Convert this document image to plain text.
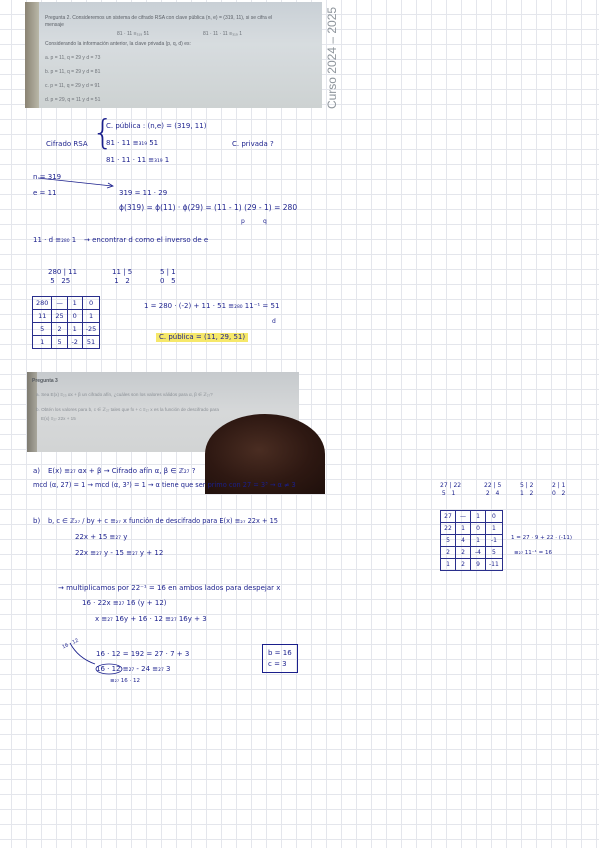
Pregunta 2. Consideremos un sistema de cifrado RSA con clave pública (n, e) = (319, 11), si se cifra el
mensaje
81 · 11 ≡₃₁₉ 51	81 · 11 · 11 ≡₃₁₉ 1
Considerando la información anterior, la clave privada (p, q, d) es:
a. p = 11, q = 29 y d = 73
b. p = 11, q = 29 y d = 81
c. p = 11, q = 29 y d = 91
d. p = 29, q = 11 y d = 51	Curso 2024 – 2025
Cifrado RSA {
C. pública : (n,e) = (319, 11)
81 · 11 ≡₃₁₉ 51
81 · 11 · 11 ≡₃₁₉ 1
C. privada ?
n = 319
e = 11	319 = 11 · 29
ϕ(319) = ϕ(11) · ϕ(29) = (11 - 1) (29 - 1) = 280
p	q
11 · d ≡₂₈₀ 1 → encontrar d como el inverso de e
280 | 11
5   25
11 | 5
1   2
5 | 1
0   5
280	—	1	0
11	25	0	1
5	2	1	-25
1	5	-2	51
1 = 280 · (-2) + 11 · 51 ≡₂₈₀ 11⁻¹ = 51
d
C. pública = (11, 29, 51)
Pregunta 3
a. Sea E(x) ≡₂₃ αx + β un cifrado afín, ¿cuáles son los valores válidos para α, β ∈ ℤ₂₇?
b. Obtén los valores para b, c ∈ ℤ₂₇ tales que fx + c ≡₂₇ x es la función de descifrado para
E(x) ≡₂₇ 22x + 15
a) E(x) ≡₂₇ αx + β → Cifrado afín α, β ∈ ℤ₂₇ ?
mcd (α, 27) = 1 → mcd (α, 3³) = 1 → α tiene que ser primo con 27 = 3³ → α ≠ 3
b) b, c ∈ ℤ₂₇ / by + c ≡₂₇ x función de descifrado para E(x) ≡₂₇ 22x + 15
22x + 15 ≡₂₇ y
22x ≡₂₇ y - 15 ≡₂₇ y + 12
→ multiplicamos por 22⁻¹ = 16 en ambos lados para despejar x
16 · 22x ≡₂₇ 16 (y + 12)
x ≡₂₇ 16y + 16 · 12 ≡₂₇ 16y + 3
16 · 12
16 · 12 = 192 = 27 · 7 + 3
16 · 12 ≡₂₇ - 24 ≡₂₇ 3
≡₂₇ 16 · 12
b = 16
c = 3
27 | 22
5   1
22 | 5
2   4
5 | 2
1   2
2 | 1
0   2
27	—	1	0
22	1	0	1
5	4	1	-1
2	2	-4	5
1	2	9	-11
1 = 27 · 9 + 22 · (-11)
≡₂₇ 11⁻¹ = 16
